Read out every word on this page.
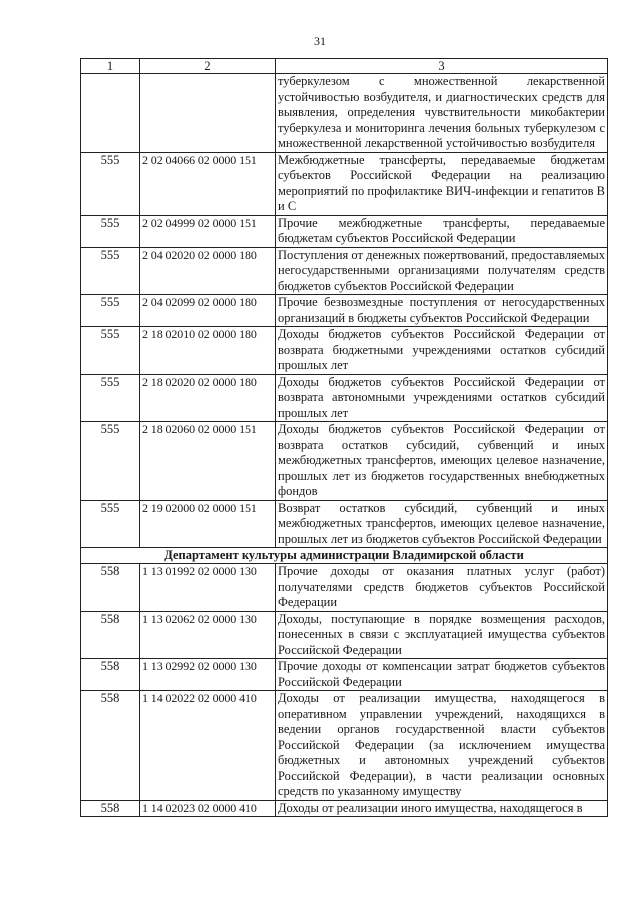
31
1	2	3
		туберкулезом с множественной лекарственной устойчивостью возбудителя, и диагностических средств для выявления, определения чувствительности микобактерии туберкулеза и мониторинга лечения больных туберкулезом с множественной лекарственной устойчивостью возбудителя
555	2 02 04066 02 0000 151	Межбюджетные трансферты, передаваемые бюджетам субъектов Российской Федерации на реализацию мероприятий по профилактике ВИЧ-инфекции и гепатитов В и С
555	2 02 04999 02 0000 151	Прочие межбюджетные трансферты, передаваемые бюджетам субъектов Российской Федерации
555	2 04 02020 02 0000 180	Поступления от денежных пожертвований, предоставляемых негосударственными организациями получателям средств бюджетов субъектов Российской Федерации
555	2 04 02099 02 0000 180	Прочие безвозмездные поступления от негосударственных организаций в бюджеты субъектов Российской Федерации
555	2 18 02010 02 0000 180	Доходы бюджетов субъектов Российской Федерации от возврата бюджетными учреждениями остатков субсидий прошлых лет
555	2 18 02020 02 0000 180	Доходы бюджетов субъектов Российской Федерации от возврата автономными учреждениями остатков субсидий прошлых лет
555	2 18 02060 02 0000 151	Доходы бюджетов субъектов Российской Федерации от возврата остатков субсидий, субвенций и иных межбюджетных трансфертов, имеющих целевое назначение, прошлых лет из бюджетов государственных внебюджетных фондов
555	2 19 02000 02 0000 151	Возврат остатков субсидий, субвенций и иных межбюджетных трансфертов, имеющих целевое назначение, прошлых лет из бюджетов субъектов Российской Федерации
Департамент культуры администрации Владимирской области		
558	1 13 01992 02 0000 130	Прочие доходы от оказания платных услуг (работ) получателями средств бюджетов субъектов Российской Федерации
558	1 13 02062 02 0000 130	Доходы, поступающие в порядке возмещения расходов, понесенных в связи с эксплуатацией имущества субъектов Российской Федерации
558	1 13 02992 02 0000 130	Прочие доходы от компенсации затрат бюджетов субъектов Российской Федерации
558	1 14 02022 02 0000 410	Доходы от реализации имущества, находящегося в оперативном управлении учреждений, находящихся в ведении органов государственной власти субъектов Российской Федерации (за исключением имущества бюджетных и автономных учреждений субъектов Российской Федерации), в части реализации основных средств по указанному имуществу
558	1 14 02023 02 0000 410	Доходы от реализации иного имущества, находящегося в
